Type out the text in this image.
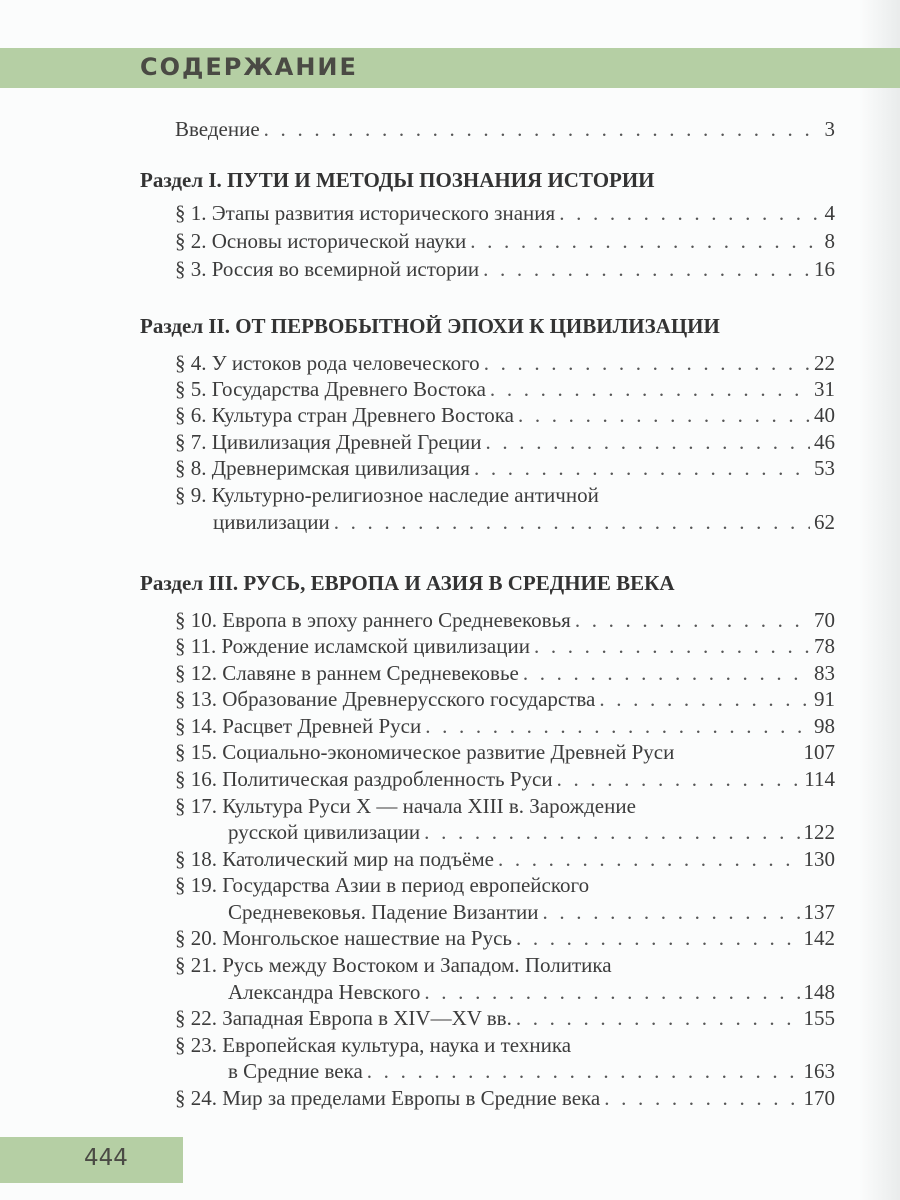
СОДЕРЖАНИЕ
Введение . . .	3
Раздел I. ПУТИ И МЕТОДЫ ПОЗНАНИЯ ИСТОРИИ
§ 1. Этапы развития исторического знания . . .	4
§ 2. Основы исторической науки . . .	8
§ 3. Россия во всемирной истории . . .	16
Раздел II. ОТ ПЕРВОБЫТНОЙ ЭПОХИ К ЦИВИЛИЗАЦИИ
§ 4. У истоков рода человеческого . . .	22
§ 5. Государства Древнего Востока . . .	31
§ 6. Культура стран Древнего Востока . . .	40
§ 7. Цивилизация Древней Греции . . .	46
§ 8. Древнеримская цивилизация . . .	53
§ 9. Культурно-религиозное наследие античной
цивилизации . . .	62
Раздел III. РУСЬ, ЕВРОПА И АЗИЯ В СРЕДНИЕ ВЕКА
§ 10. Европа в эпоху раннего Средневековья . . .	70
§ 11. Рождение исламской цивилизации . . .	78
§ 12. Славяне в раннем Средневековье . . .	83
§ 13. Образование Древнерусского государства . . .	91
§ 14. Расцвет Древней Руси . . .	98
§ 15. Социально-экономическое развитие Древней Руси	107
§ 16. Политическая раздробленность Руси . . .	114
§ 17. Культура Руси X — начала XIII в. Зарождение
русской цивилизации . . .	122
§ 18. Католический мир на подъёме . . .	130
§ 19. Государства Азии в период европейского
Средневековья. Падение Византии . . .	137
§ 20. Монгольское нашествие на Русь . . .	142
§ 21. Русь между Востоком и Западом. Политика
Александра Невского . . .	148
§ 22. Западная Европа в XIV—XV вв. . . .	155
§ 23. Европейская культура, наука и техника
в Средние века . . .	163
§ 24. Мир за пределами Европы в Средние века . . .	170
444
